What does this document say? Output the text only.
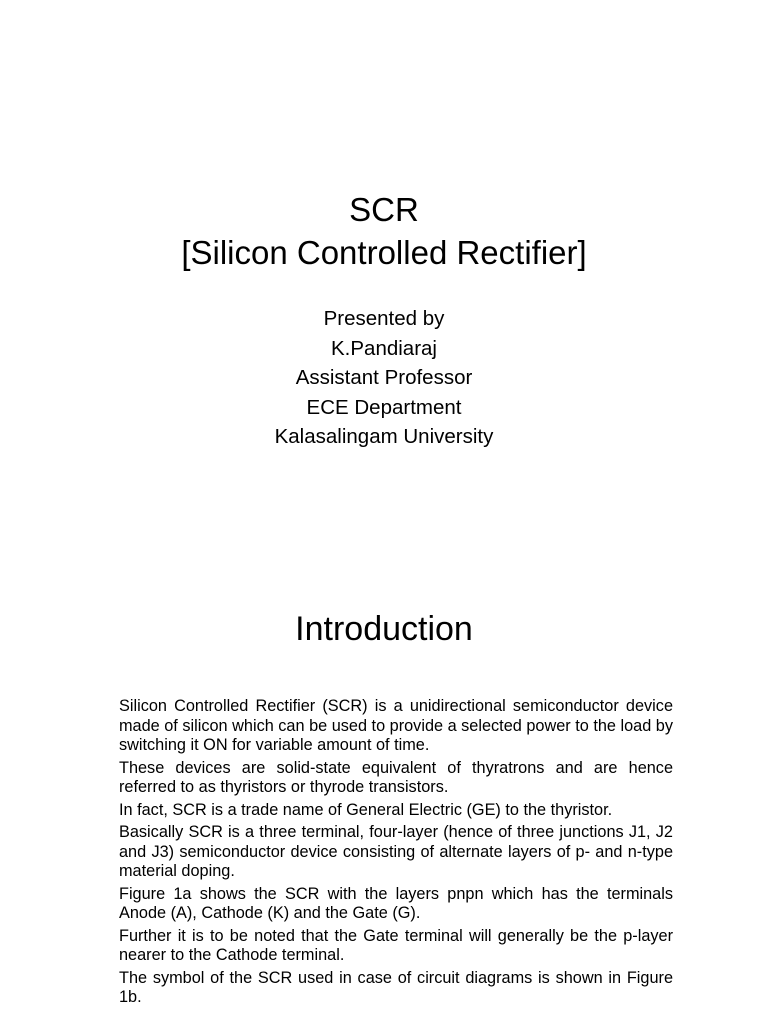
SCR
[Silicon Controlled Rectifier]
Presented by
K.Pandiaraj
Assistant Professor
ECE Department
Kalasalingam University
Introduction
Silicon Controlled Rectifier (SCR) is a unidirectional semiconductor device made of silicon which can be used to provide a selected power to the load by switching it ON for variable amount of time.
These devices are solid-state equivalent of thyratrons and are hence referred to as thyristors or thyrode transistors.
In fact, SCR is a trade name of General Electric (GE) to the thyristor.
Basically SCR is a three terminal, four-layer (hence of three junctions J1, J2 and J3) semiconductor device consisting of alternate layers of p- and n-type material doping.
Figure 1a shows the SCR with the layers pnpn which has the terminals Anode (A), Cathode (K) and the Gate (G).
Further it is to be noted that the Gate terminal will generally be the p-layer nearer to the Cathode terminal.
The symbol of the SCR used in case of circuit diagrams is shown in Figure 1b.
